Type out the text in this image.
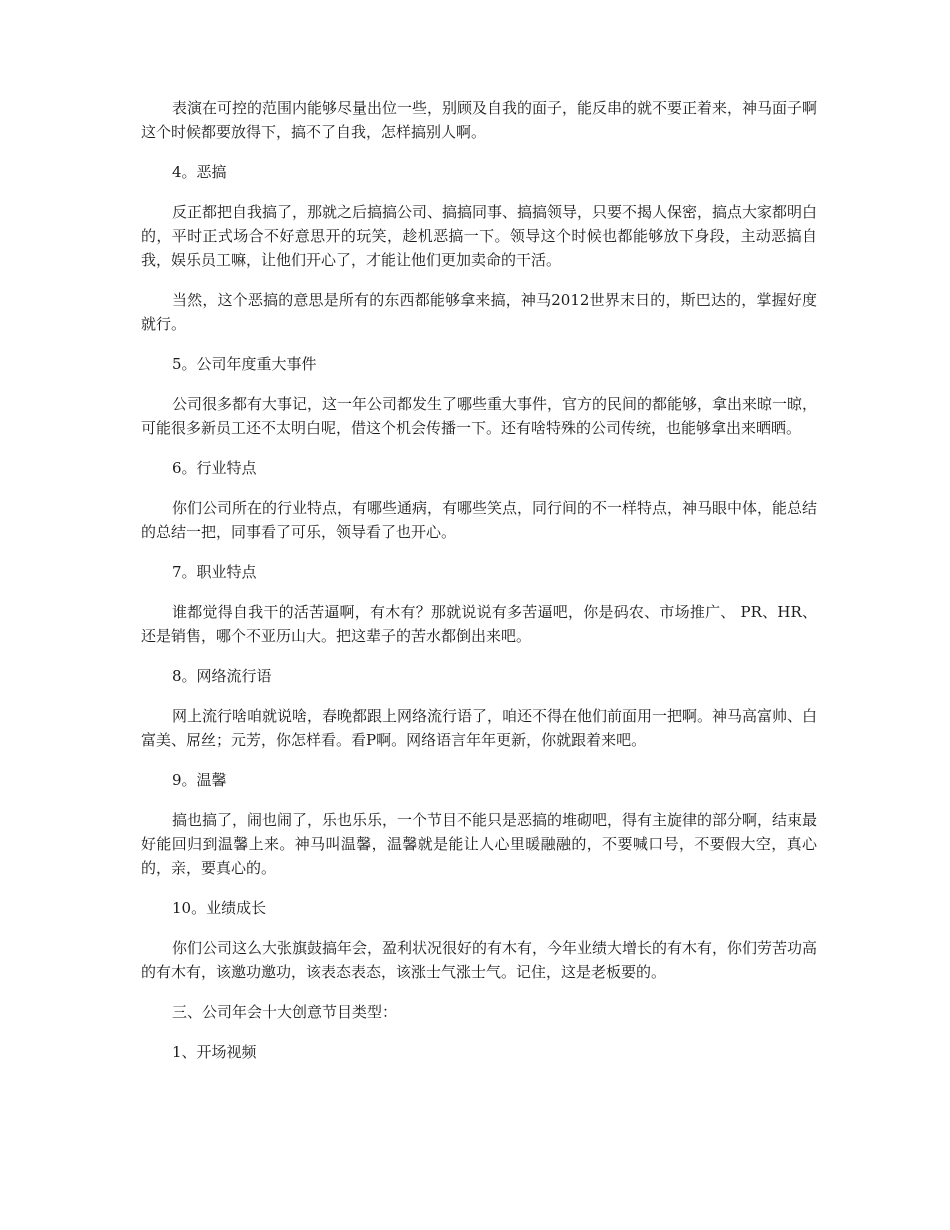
表演在可控的范围内能够尽量出位一些，别顾及自我的面子，能反串的就不要正着来，神马面子啊这个时候都要放得下，搞不了自我，怎样搞别人啊。

4。恶搞

反正都把自我搞了，那就之后搞搞公司、搞搞同事、搞搞领导，只要不揭人保密，搞点大家都明白的，平时正式场合不好意思开的玩笑，趁机恶搞一下。领导这个时候也都能够放下身段，主动恶搞自我，娱乐员工嘛，让他们开心了，才能让他们更加卖命的干活。

当然，这个恶搞的意思是所有的东西都能够拿来搞，神马2012世界末日的，斯巴达的，掌握好度就行。

5。公司年度重大事件

公司很多都有大事记，这一年公司都发生了哪些重大事件，官方的民间的都能够，拿出来晾一晾，可能很多新员工还不太明白呢，借这个机会传播一下。还有啥特殊的公司传统，也能够拿出来晒晒。

6。行业特点

你们公司所在的行业特点，有哪些通病，有哪些笑点，同行间的不一样特点，神马眼中体，能总结的总结一把，同事看了可乐，领导看了也开心。

7。职业特点

谁都觉得自我干的活苦逼啊，有木有？那就说说有多苦逼吧，你是码农、市场推广、 PR、HR、还是销售，哪个不亚历山大。把这辈子的苦水都倒出来吧。

8。网络流行语

网上流行啥咱就说啥，春晚都跟上网络流行语了，咱还不得在他们前面用一把啊。神马高富帅、白富美、屌丝；元芳，你怎样看。看P啊。网络语言年年更新，你就跟着来吧。

9。温馨

搞也搞了，闹也闹了，乐也乐乐，一个节目不能只是恶搞的堆砌吧，得有主旋律的部分啊，结束最好能回归到温馨上来。神马叫温馨，温馨就是能让人心里暖融融的，不要喊口号，不要假大空，真心的，亲，要真心的。

10。业绩成长

你们公司这么大张旗鼓搞年会，盈利状况很好的有木有，今年业绩大增长的有木有，你们劳苦功高的有木有，该邀功邀功，该表态表态，该涨士气涨士气。记住，这是老板要的。

三、公司年会十大创意节目类型：

1、开场视频
